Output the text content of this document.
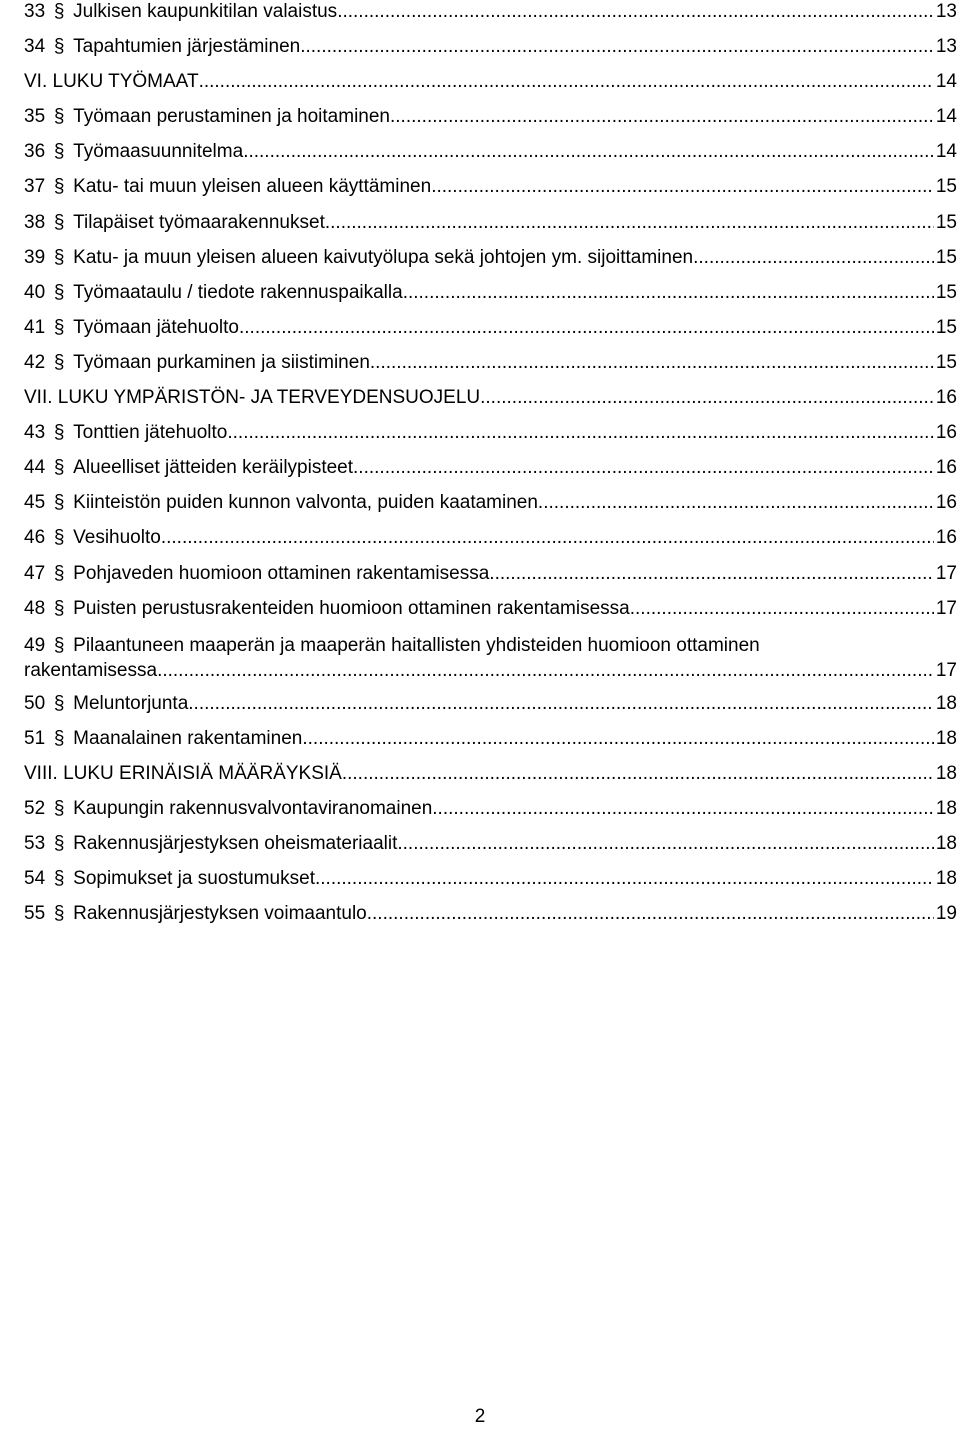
33 § Julkisen kaupunkitilan valaistus .....	13
34 § Tapahtumien järjestäminen .....	13
VI. LUKU TYÖMAAT .....	14
35 § Työmaan perustaminen ja hoitaminen .....	14
36 § Työmaasuunnitelma .....	14
37 § Katu- tai muun yleisen alueen käyttäminen .....	15
38 § Tilapäiset työmaarakennukset .....	15
39 § Katu- ja muun yleisen alueen kaivutyölupa sekä johtojen ym. sijoittaminen .....	15
40 § Työmaataulu / tiedote rakennuspaikalla .....	15
41 § Työmaan jätehuolto .....	15
42 § Työmaan purkaminen ja siistiminen .....	15
VII. LUKU YMPÄRISTÖN- JA TERVEYDENSUOJELU .....	16
43 § Tonttien jätehuolto .....	16
44 § Alueelliset jätteiden keräilypisteet .....	16
45 § Kiinteistön puiden kunnon valvonta, puiden kaataminen .....	16
46 § Vesihuolto .....	16
47 § Pohjaveden huomioon ottaminen rakentamisessa .....	17
48 § Puisten perustusrakenteiden huomioon ottaminen rakentamisessa .....	17
49 § Pilaantuneen maaperän ja maaperän haitallisten yhdisteiden huomioon ottaminen
rakentamisessa .....	17
50 § Meluntorjunta .....	18
51 § Maanalainen rakentaminen .....	18
VIII. LUKU ERINÄISIÄ MÄÄRÄYKSIÄ .....	18
52 § Kaupungin rakennusvalvontaviranomainen .....	18
53 § Rakennusjärjestyksen oheismateriaalit .....	18
54 § Sopimukset ja suostumukset .....	18
55 § Rakennusjärjestyksen voimaantulo .....	19
2
